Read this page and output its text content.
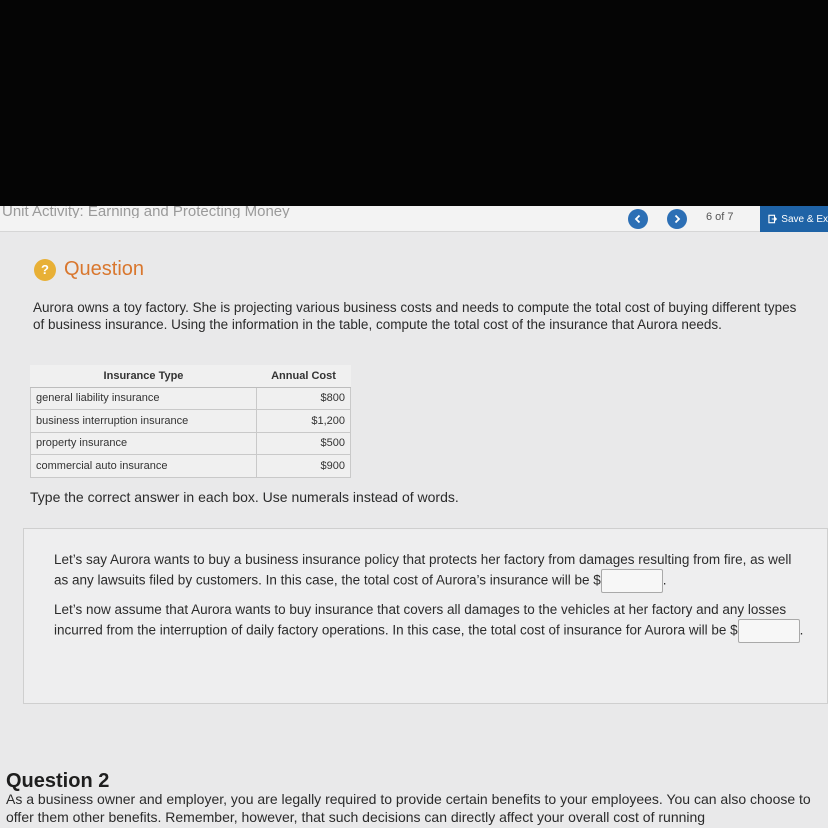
Unit Activity: Earning and Protecting Money	6 of 7	Save & Ex
? Question
Aurora owns a toy factory. She is projecting various business costs and needs to compute the total cost of buying different types of business insurance. Using the information in the table, compute the total cost of the insurance that Aurora needs.
Insurance Type	Annual Cost
general liability insurance	$800
business interruption insurance	$1,200
property insurance	$500
commercial auto insurance	$900
Type the correct answer in each box. Use numerals instead of words.
Let’s say Aurora wants to buy a business insurance policy that protects her factory from damages resulting from fire, as well as any lawsuits filed by customers. In this case, the total cost of Aurora’s insurance will be $	.
Let’s now assume that Aurora wants to buy insurance that covers all damages to the vehicles at her factory and any losses incurred from the interruption of daily factory operations. In this case, the total cost of insurance for Aurora will be $	.
Question 2
As a business owner and employer, you are legally required to provide certain benefits to your employees. You can also choose to offer them other benefits. Remember, however, that such decisions can directly affect your overall cost of running
